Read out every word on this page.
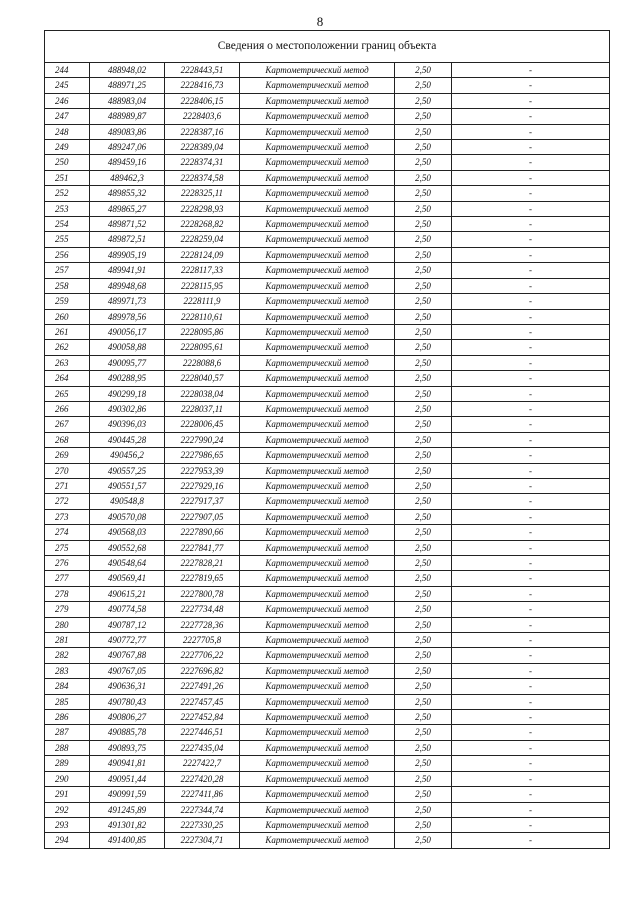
8
Сведения о местоположении границ объекта					
244	488948,02	2228443,51	Картометрический метод	2,50	-
245	488971,25	2228416,73	Картометрический метод	2,50	-
246	488983,04	2228406,15	Картометрический метод	2,50	-
247	488989,87	2228403,6	Картометрический метод	2,50	-
248	489083,86	2228387,16	Картометрический метод	2,50	-
249	489247,06	2228389,04	Картометрический метод	2,50	-
250	489459,16	2228374,31	Картометрический метод	2,50	-
251	489462,3	2228374,58	Картометрический метод	2,50	-
252	489855,32	2228325,11	Картометрический метод	2,50	-
253	489865,27	2228298,93	Картометрический метод	2,50	-
254	489871,52	2228268,82	Картометрический метод	2,50	-
255	489872,51	2228259,04	Картометрический метод	2,50	-
256	489905,19	2228124,09	Картометрический метод	2,50	-
257	489941,91	2228117,33	Картометрический метод	2,50	-
258	489948,68	2228115,95	Картометрический метод	2,50	-
259	489971,73	2228111,9	Картометрический метод	2,50	-
260	489978,56	2228110,61	Картометрический метод	2,50	-
261	490056,17	2228095,86	Картометрический метод	2,50	-
262	490058,88	2228095,61	Картометрический метод	2,50	-
263	490095,77	2228088,6	Картометрический метод	2,50	-
264	490288,95	2228040,57	Картометрический метод	2,50	-
265	490299,18	2228038,04	Картометрический метод	2,50	-
266	490302,86	2228037,11	Картометрический метод	2,50	-
267	490396,03	2228006,45	Картометрический метод	2,50	-
268	490445,28	2227990,24	Картометрический метод	2,50	-
269	490456,2	2227986,65	Картометрический метод	2,50	-
270	490557,25	2227953,39	Картометрический метод	2,50	-
271	490551,57	2227929,16	Картометрический метод	2,50	-
272	490548,8	2227917,37	Картометрический метод	2,50	-
273	490570,08	2227907,05	Картометрический метод	2,50	-
274	490568,03	2227890,66	Картометрический метод	2,50	-
275	490552,68	2227841,77	Картометрический метод	2,50	-
276	490548,64	2227828,21	Картометрический метод	2,50	-
277	490569,41	2227819,65	Картометрический метод	2,50	-
278	490615,21	2227800,78	Картометрический метод	2,50	-
279	490774,58	2227734,48	Картометрический метод	2,50	-
280	490787,12	2227728,36	Картометрический метод	2,50	-
281	490772,77	2227705,8	Картометрический метод	2,50	-
282	490767,88	2227706,22	Картометрический метод	2,50	-
283	490767,05	2227696,82	Картометрический метод	2,50	-
284	490636,31	2227491,26	Картометрический метод	2,50	-
285	490780,43	2227457,45	Картометрический метод	2,50	-
286	490806,27	2227452,84	Картометрический метод	2,50	-
287	490885,78	2227446,51	Картометрический метод	2,50	-
288	490893,75	2227435,04	Картометрический метод	2,50	-
289	490941,81	2227422,7	Картометрический метод	2,50	-
290	490951,44	2227420,28	Картометрический метод	2,50	-
291	490991,59	2227411,86	Картометрический метод	2,50	-
292	491245,89	2227344,74	Картометрический метод	2,50	-
293	491301,82	2227330,25	Картометрический метод	2,50	-
294	491400,85	2227304,71	Картометрический метод	2,50	-
